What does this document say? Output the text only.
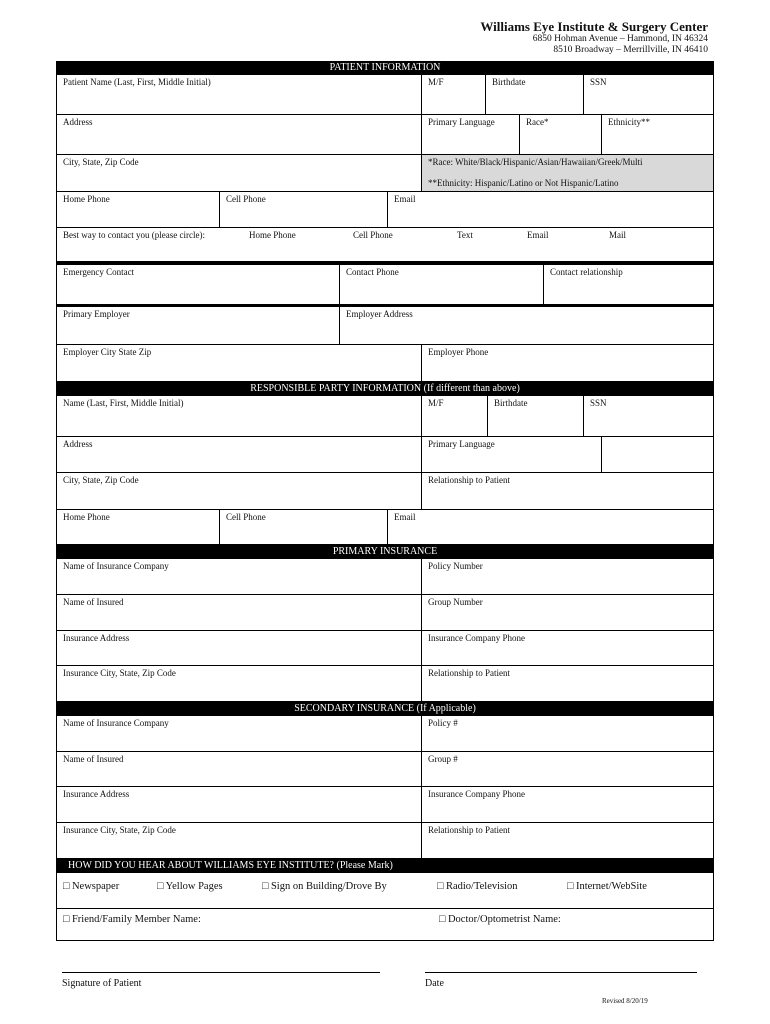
Williams Eye Institute & Surgery Center
6850 Hohman Avenue – Hammond, IN 46324
8510 Broadway – Merrillville, IN 46410
PATIENT INFORMATION
Patient Name (Last, First, Middle Initial)	M/F	Birthdate	SSN
Address	Primary Language	Race*	Ethnicity**
City, State, Zip Code	*Race: White/Black/Hispanic/Asian/Hawaiian/Greek/Multi
**Ethnicity: Hispanic/Latino or Not Hispanic/Latino
Home Phone	Cell Phone	Email
Best way to contact you (please circle):	Home Phone	Cell Phone	Text	Email	Mail
Emergency Contact	Contact Phone	Contact relationship
Primary Employer	Employer Address
Employer City State Zip	Employer Phone
RESPONSIBLE PARTY INFORMATION (If different than above)
Name (Last, First, Middle Initial)	M/F	Birthdate	SSN
Address	Primary Language
City, State, Zip Code	Relationship to Patient
Home Phone	Cell Phone	Email
PRIMARY INSURANCE
Name of Insurance Company	Policy Number
Name of Insured	Group Number
Insurance Address	Insurance Company Phone
Insurance City, State, Zip Code	Relationship to Patient
SECONDARY INSURANCE (If Applicable)
Name of Insurance Company	Policy #
Name of Insured	Group #
Insurance Address	Insurance Company Phone
Insurance City, State, Zip Code	Relationship to Patient
HOW DID YOU HEAR ABOUT WILLIAMS EYE INSTITUTE? (Please Mark)
□ Newspaper	□ Yellow Pages	□ Sign on Building/Drove By	□ Radio/Television	□ Internet/WebSite
□ Friend/Family Member Name:	□ Doctor/Optometrist Name:
Signature of Patient	Date
Revised 8/20/19
